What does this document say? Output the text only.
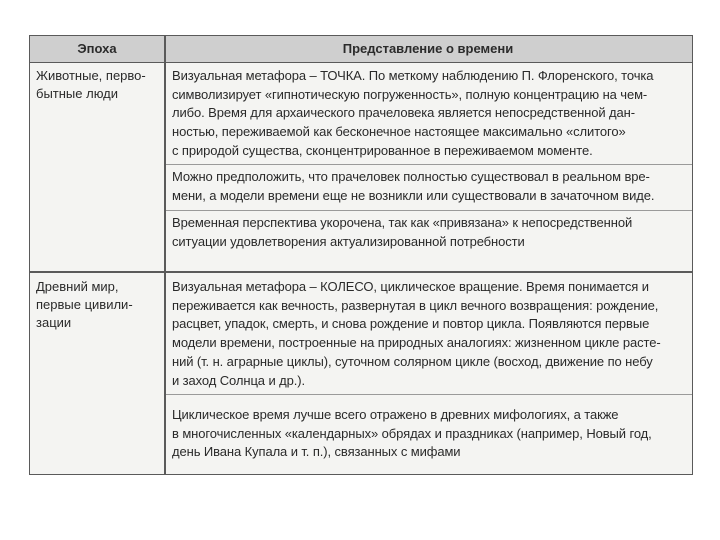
Эпоха	Представление о времени
Животные, перво-
бытные люди
Визуальная метафора – ТОЧКА. По меткому наблюдению П. Флоренского, точка
символизирует «гипнотическую погруженность», полную концентрацию на чем-
либо. Время для архаического прачеловека является непосредственной дан-
ностью, переживаемой как бесконечное настоящее максимально «слитого»
с природой существа, сконцентрированное в переживаемом моменте.
Можно предположить, что прачеловек полностью существовал в реальном вре-
мени, а модели времени еще не возникли или существовали в зачаточном виде.
Временная перспектива укорочена, так как «привязана» к непосредственной
ситуации удовлетворения актуализированной потребности
Древний мир,
первые цивили-
зации
Визуальная метафора – КОЛЕСО, циклическое вращение. Время понимается и
переживается как вечность, развернутая в цикл вечного возвращения: рождение,
расцвет, упадок, смерть, и снова рождение и повтор цикла. Появляются первые
модели времени, построенные на природных аналогиях: жизненном цикле расте-
ний (т. н. аграрные циклы), суточном солярном цикле (восход, движение по небу
и заход Солнца и др.).
Циклическое время лучше всего отражено в древних мифологиях, а также
в многочисленных «календарных» обрядах и праздниках (например, Новый год,
день Ивана Купала и т. п.), связанных с мифами
